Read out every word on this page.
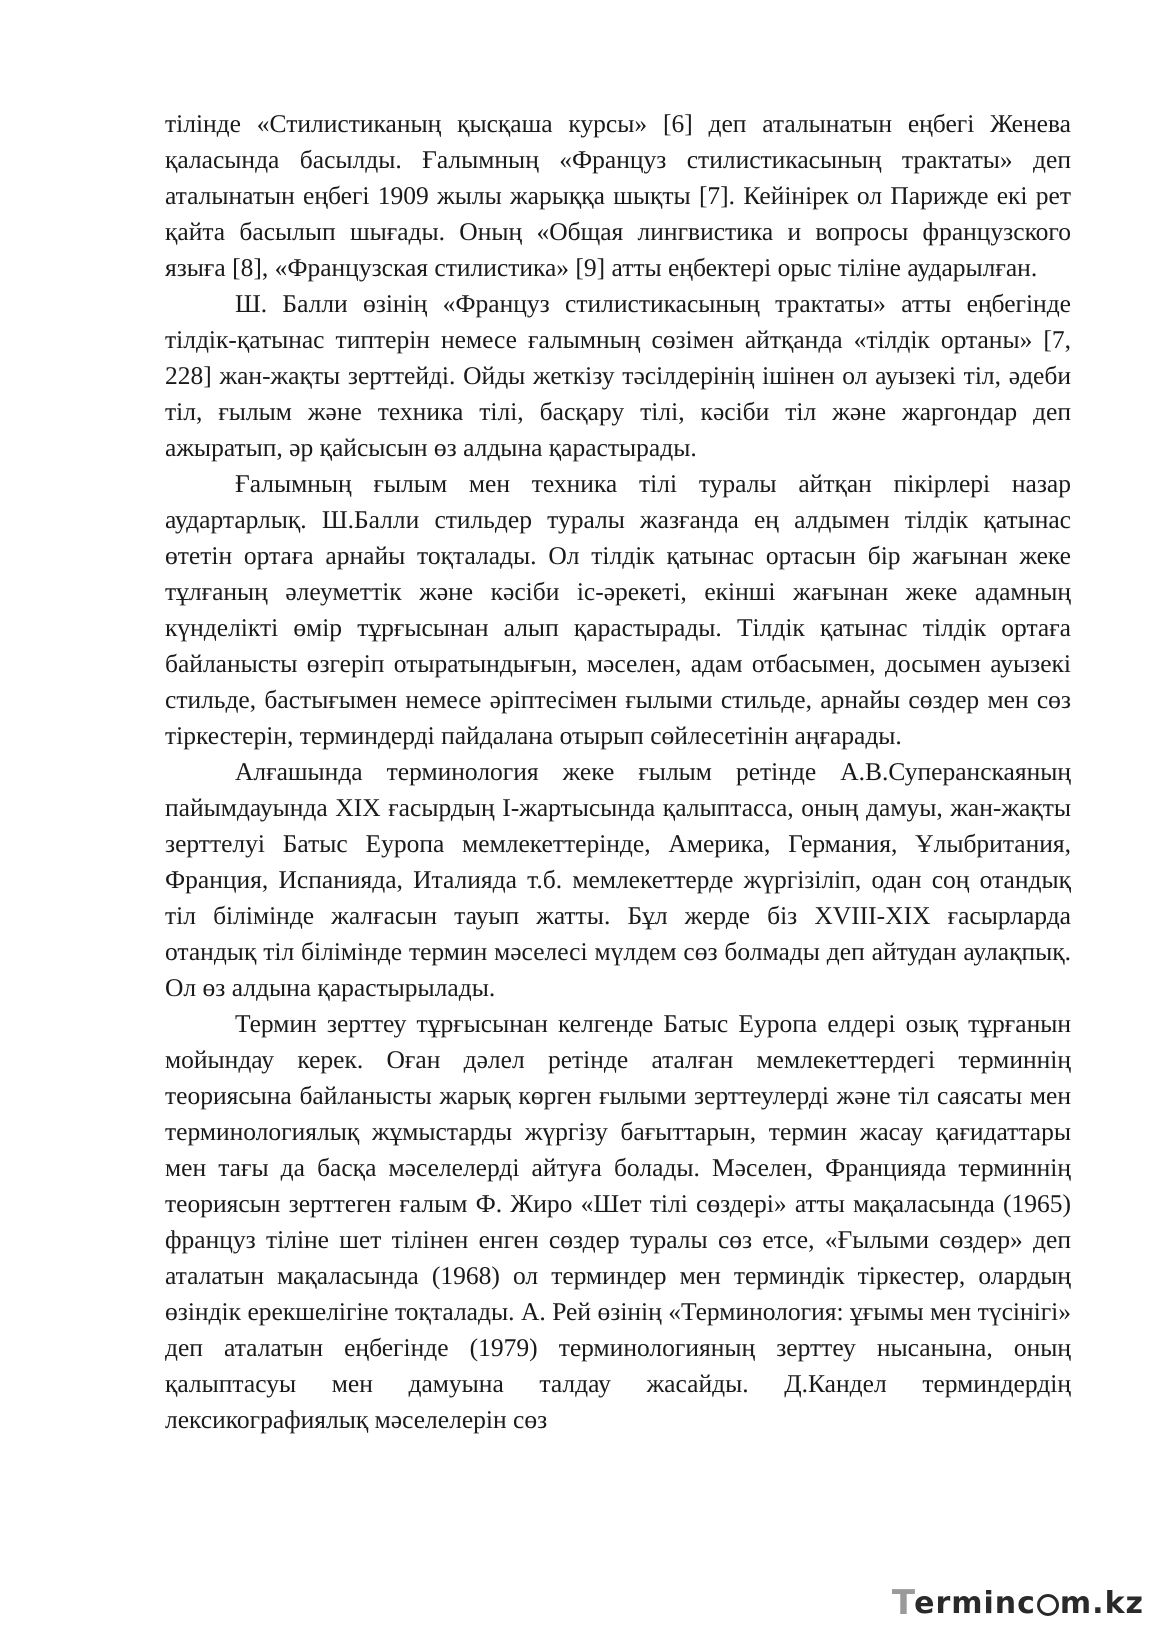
тілінде «Стилистиканың қысқаша курсы» [6] деп аталынатын еңбегі Женева қаласында басылды. Ғалымның «Француз стилистикасының трактаты» деп аталынатын еңбегі 1909 жылы жарыққа шықты [7]. Кейінірек ол Парижде екі рет қайта басылып шығады. Оның «Общая лингвистика и вопросы французского языға [8], «Французская стилистика» [9] атты еңбектері орыс тіліне аударылған.

Ш. Балли өзінің «Француз стилистикасының трактаты» атты еңбегінде тілдік-қатынас типтерін немесе ғалымның сөзімен айтқанда «тілдік ортаны» [7, 228] жан-жақты зерттейді. Ойды жеткізу тәсілдерінің ішінен ол ауызекі тіл, әдеби тіл, ғылым және техника тілі, басқару тілі, кәсіби тіл және жаргондар деп ажыратып, әр қайсысын өз алдына қарастырады.

Ғалымның ғылым мен техника тілі туралы айтқан пікірлері назар аудартарлық. Ш.Балли стильдер туралы жазғанда ең алдымен тілдік қатынас өтетін ортаға арнайы тоқталады. Ол тілдік қатынас ортасын бір жағынан жеке тұлғаның әлеуметтік және кәсіби іс-әрекеті, екінші жағынан жеке адамның күнделікті өмір тұрғысынан алып қарастырады. Тілдік қатынас тілдік ортаға байланысты өзгеріп отыратындығын, мәселен, адам отбасымен, досымен ауызекі стильде, бастығымен немесе әріптесімен ғылыми стильде, арнайы сөздер мен сөз тіркестерін, терминдерді пайдалана отырып сөйлесетінін аңғарады.

Алғашында терминология жеке ғылым ретінде А.В.Суперанскаяның пайымдауында XIX ғасырдың I-жартысында қалыптасса, оның дамуы, жан-жақты зерттелуі Батыс Еуропа мемлекеттерінде, Америка, Германия, Ұлыбритания, Франция, Испанияда, Италияда т.б. мемлекеттерде жүргізіліп, одан соң отандық тіл білімінде жалғасын тауып жатты. Бұл жерде біз XVIII-XIX ғасырларда отандық тіл білімінде термин мәселесі мүлдем сөз болмады деп айтудан аулақпық. Ол өз алдына қарастырылады.

Термин зерттеу тұрғысынан келгенде Батыс Еуропа елдері озық тұрғанын мойындау керек. Оған дәлел ретінде аталған мемлекеттердегі терминнің теориясына байланысты жарық көрген ғылыми зерттеулерді және тіл саясаты мен терминологиялық жұмыстарды жүргізу бағыттарын, термин жасау қағидаттары мен тағы да басқа мәселелерді айтуға болады. Мәселен, Францияда терминнің теориясын зерттеген ғалым Ф. Жиро «Шет тілі сөздері» атты мақаласында (1965) француз тіліне шет тілінен енген сөздер туралы сөз етсе, «Ғылыми сөздер» деп аталатын мақаласында (1968) ол терминдер мен терминдік тіркестер, олардың өзіндік ерекшелігіне тоқталады. А. Рей өзінің «Терминология: ұғымы мен түсінігі» деп аталатын еңбегінде (1979) терминологияның зерттеу нысанына, оның қалыптасуы мен дамуына талдау жасайды. Д.Кандел терминдердің лексикографиялық мәселелерін сөз

T
erminc m.kz
